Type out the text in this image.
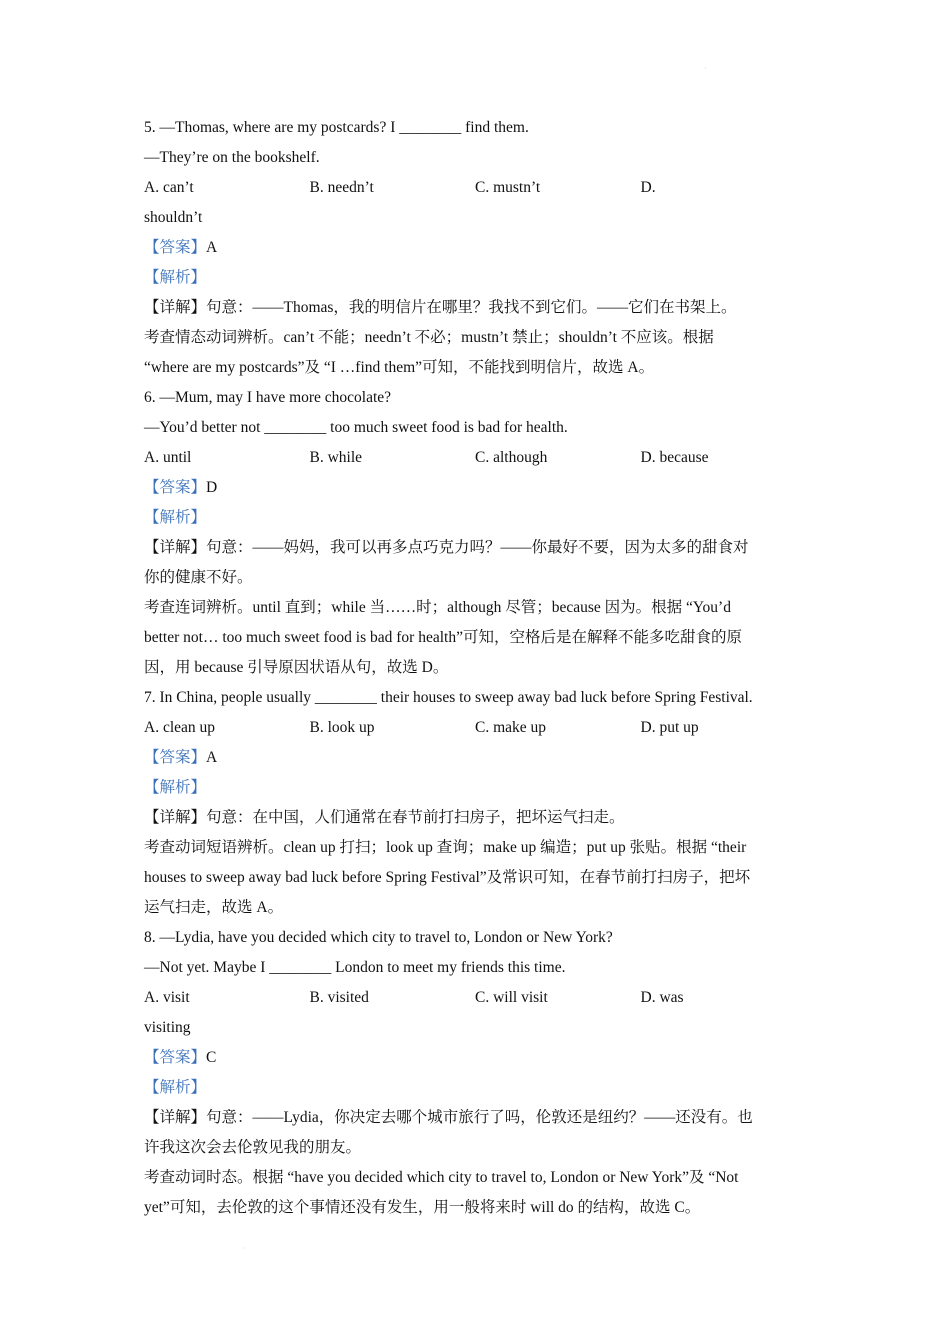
·

5. —Thomas, where are my postcards? I ________ find them.

—They’re on the bookshelf.

A. can’t	B. needn’t	C. mustn’t	D.

shouldn’t

【答案】A

【解析】

【详解】句意：——Thomas，我的明信片在哪里？我找不到它们。——它们在书架上。

考查情态动词辨析。can’t 不能；needn’t 不必；mustn’t 禁止；shouldn’t 不应该。根据

“where are my postcards”及 “I …find them”可知，不能找到明信片，故选 A。

6. —Mum, may I have more chocolate?

—You’d better not ________ too much sweet food is bad for health.

A. until	B. while	C. although	D. because

【答案】D

【解析】

【详解】句意：——妈妈，我可以再多点巧克力吗？——你最好不要，因为太多的甜食对

你的健康不好。

考查连词辨析。until 直到；while 当……时；although 尽管；because 因为。根据 “You’d

better not… too much sweet food is bad for health”可知，空格后是在解释不能多吃甜食的原

因，用 because 引导原因状语从句，故选 D。

7. In China, people usually ________ their houses to sweep away bad luck before Spring Festival.

A. clean up	B. look up	C. make up	D. put up

【答案】A

【解析】

【详解】句意：在中国，人们通常在春节前打扫房子，把坏运气扫走。

考查动词短语辨析。clean up 打扫；look up 查询；make up 编造；put up 张贴。根据 “their

houses to sweep away bad luck before Spring Festival”及常识可知，在春节前打扫房子，把坏

运气扫走，故选 A。

8. —Lydia, have you decided which city to travel to, London or New York?

—Not yet. Maybe I ________ London to meet my friends this time.

A. visit	B. visited	C. will visit	D. was

visiting

【答案】C

【解析】

【详解】句意：——Lydia，你决定去哪个城市旅行了吗，伦敦还是纽约？——还没有。也

许我这次会去伦敦见我的朋友。

考查动词时态。根据 “have you decided which city to travel to, London or New York”及 “Not

yet”可知，去伦敦的这个事情还没有发生，用一般将来时 will do 的结构，故选 C。

·
